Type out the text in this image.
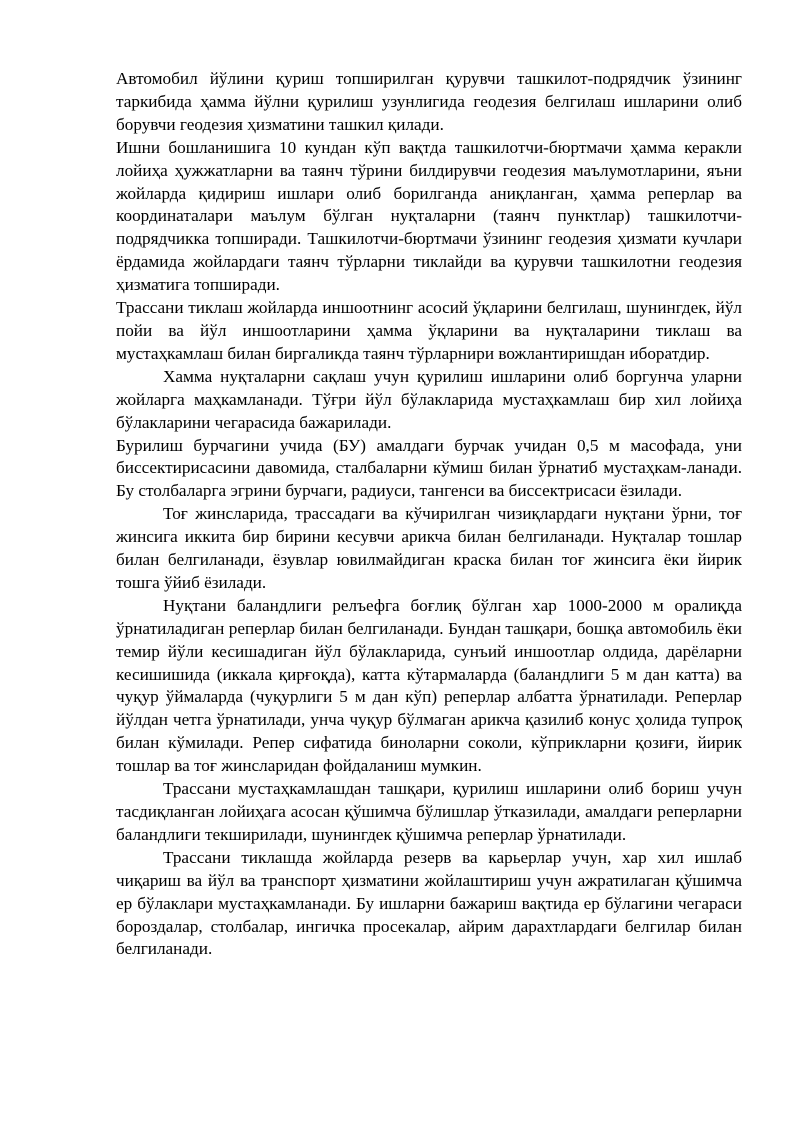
Автомобил йўлини қуриш топширилган қурувчи ташкилот-подрядчик ўзининг таркибида ҳамма йўлни қурилиш узунлигида геодезия белгилаш ишларини олиб борувчи геодезия ҳизматини ташкил қилади.

Ишни бошланишига 10 кундан кўп вақтда ташкилотчи-бюртмачи ҳамма керакли лойиҳа ҳужжатларни ва таянч тўрини билдирувчи геодезия маълумотларини, яъни жойларда қидириш ишлари олиб борилганда аниқланган, ҳамма реперлар ва координаталари маълум бўлган нуқталарни (таянч пунктлар) ташкилотчи-подрядчикка топширади. Ташкилотчи-бюртмачи ўзининг геодезия ҳизмати кучлари ёрдамида жойлардаги таянч тўрларни тиклайди ва қурувчи ташкилотни геодезия ҳизматига топширади.

Трассани тиклаш жойларда иншоотнинг асосий ўқларини белгилаш, шунингдек, йўл пойи ва йўл иншоотларини ҳамма ўқларини ва нуқталарини тиклаш ва мустаҳкамлаш билан биргаликда таянч тўрларнири вожлантиришдан иборатдир.

Хамма нуқталарни сақлаш учун қурилиш ишларини олиб боргунча уларни жойларга маҳкамланади. Тўғри йўл бўлакларида мустаҳкамлаш бир хил лойиҳа бўлакларини чегарасида бажарилади.

Бурилиш бурчагини учида (БУ) амалдаги бурчак учидан 0,5 м масофада, уни биссектирисасини давомида, сталбаларни кўмиш билан ўрнатиб мустаҳкам-ланади. Бу столбаларга эгрини бурчаги, радиуси, тангенси ва биссектрисаси ёзилади.

Тоғ жинсларида, трассадаги ва кўчирилган чизиқлардаги нуқтани ўрни, тоғ жинсига иккита бир бирини кесувчи арикча билан белгиланади. Нуқталар тошлар билан белгиланади, ёзувлар ювилмайдиган краска билан тоғ жинсига ёки йирик тошга ўйиб ёзилади.

Нуқтани баландлиги релъефга боғлиқ бўлган хар 1000-2000 м оралиқда ўрнатиладиган реперлар билан белгиланади. Бундан ташқари, бошқа автомобиль ёки темир йўли кесишадиган йўл бўлакларида, сунъий иншоотлар олдида, дарёларни кесишишида (иккала қирғоқда), катта кўтармаларда (баландлиги 5 м дан катта) ва чуқур ўймаларда (чуқурлиги 5 м дан кўп) реперлар албатта ўрнатилади. Реперлар йўлдан четга ўрнатилади, унча чуқур бўлмаган арикча қазилиб конус ҳолида тупроқ билан кўмилади. Репер сифатида биноларни соколи, кўприкларни қозиғи, йирик тошлар ва тоғ жинсларидан фойдаланиш мумкин.

Трассани мустаҳкамлашдан ташқари, қурилиш ишларини олиб бориш учун тасдиқланган лойиҳага асосан қўшимча бўлишлар ўтказилади, амалдаги реперларни баландлиги текширилади, шунингдек қўшимча реперлар ўрнатилади.

Трассани тиклашда жойларда резерв ва карьерлар учун, хар хил ишлаб чиқариш ва йўл ва транспорт ҳизматини жойлаштириш учун ажратилаган қўшимча ер бўлаклари мустаҳкамланади. Бу ишларни бажариш вақтида ер бўлагини чегараси бороздалар, столбалар, ингичка просекалар, айрим дарахтлардаги белгилар билан белгиланади.
